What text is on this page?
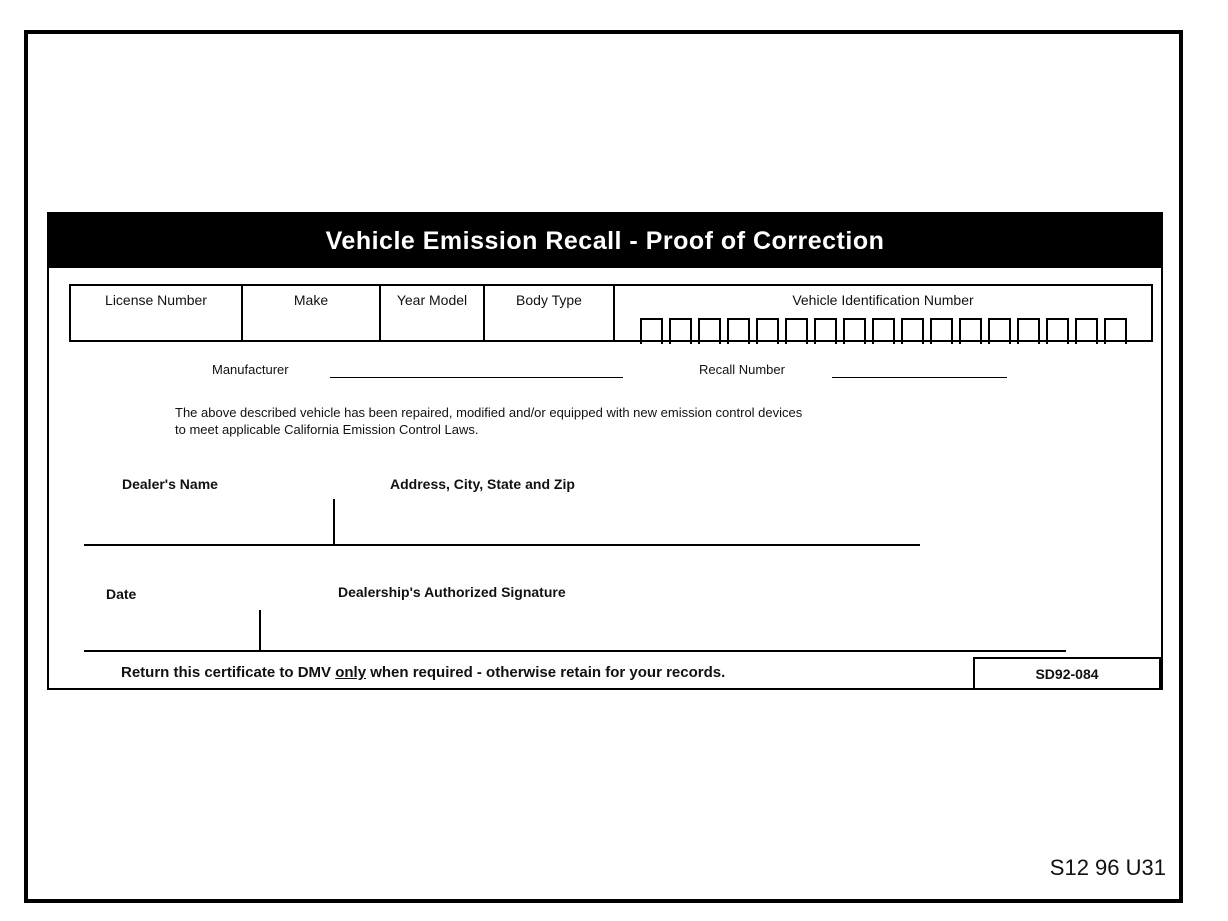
Vehicle Emission Recall - Proof of Correction
License Number	Make	Year Model	Body Type	Vehicle Identification Number
Manufacturer	Recall Number
The above described vehicle has been repaired, modified and/or equipped with new emission control devices
to meet applicable California Emission Control Laws.
Dealer's Name	Address, City, State and Zip
Date	Dealership's Authorized Signature
Return this certificate to DMV only when required - otherwise retain for your records.	SD92-084
S12 96 U31
